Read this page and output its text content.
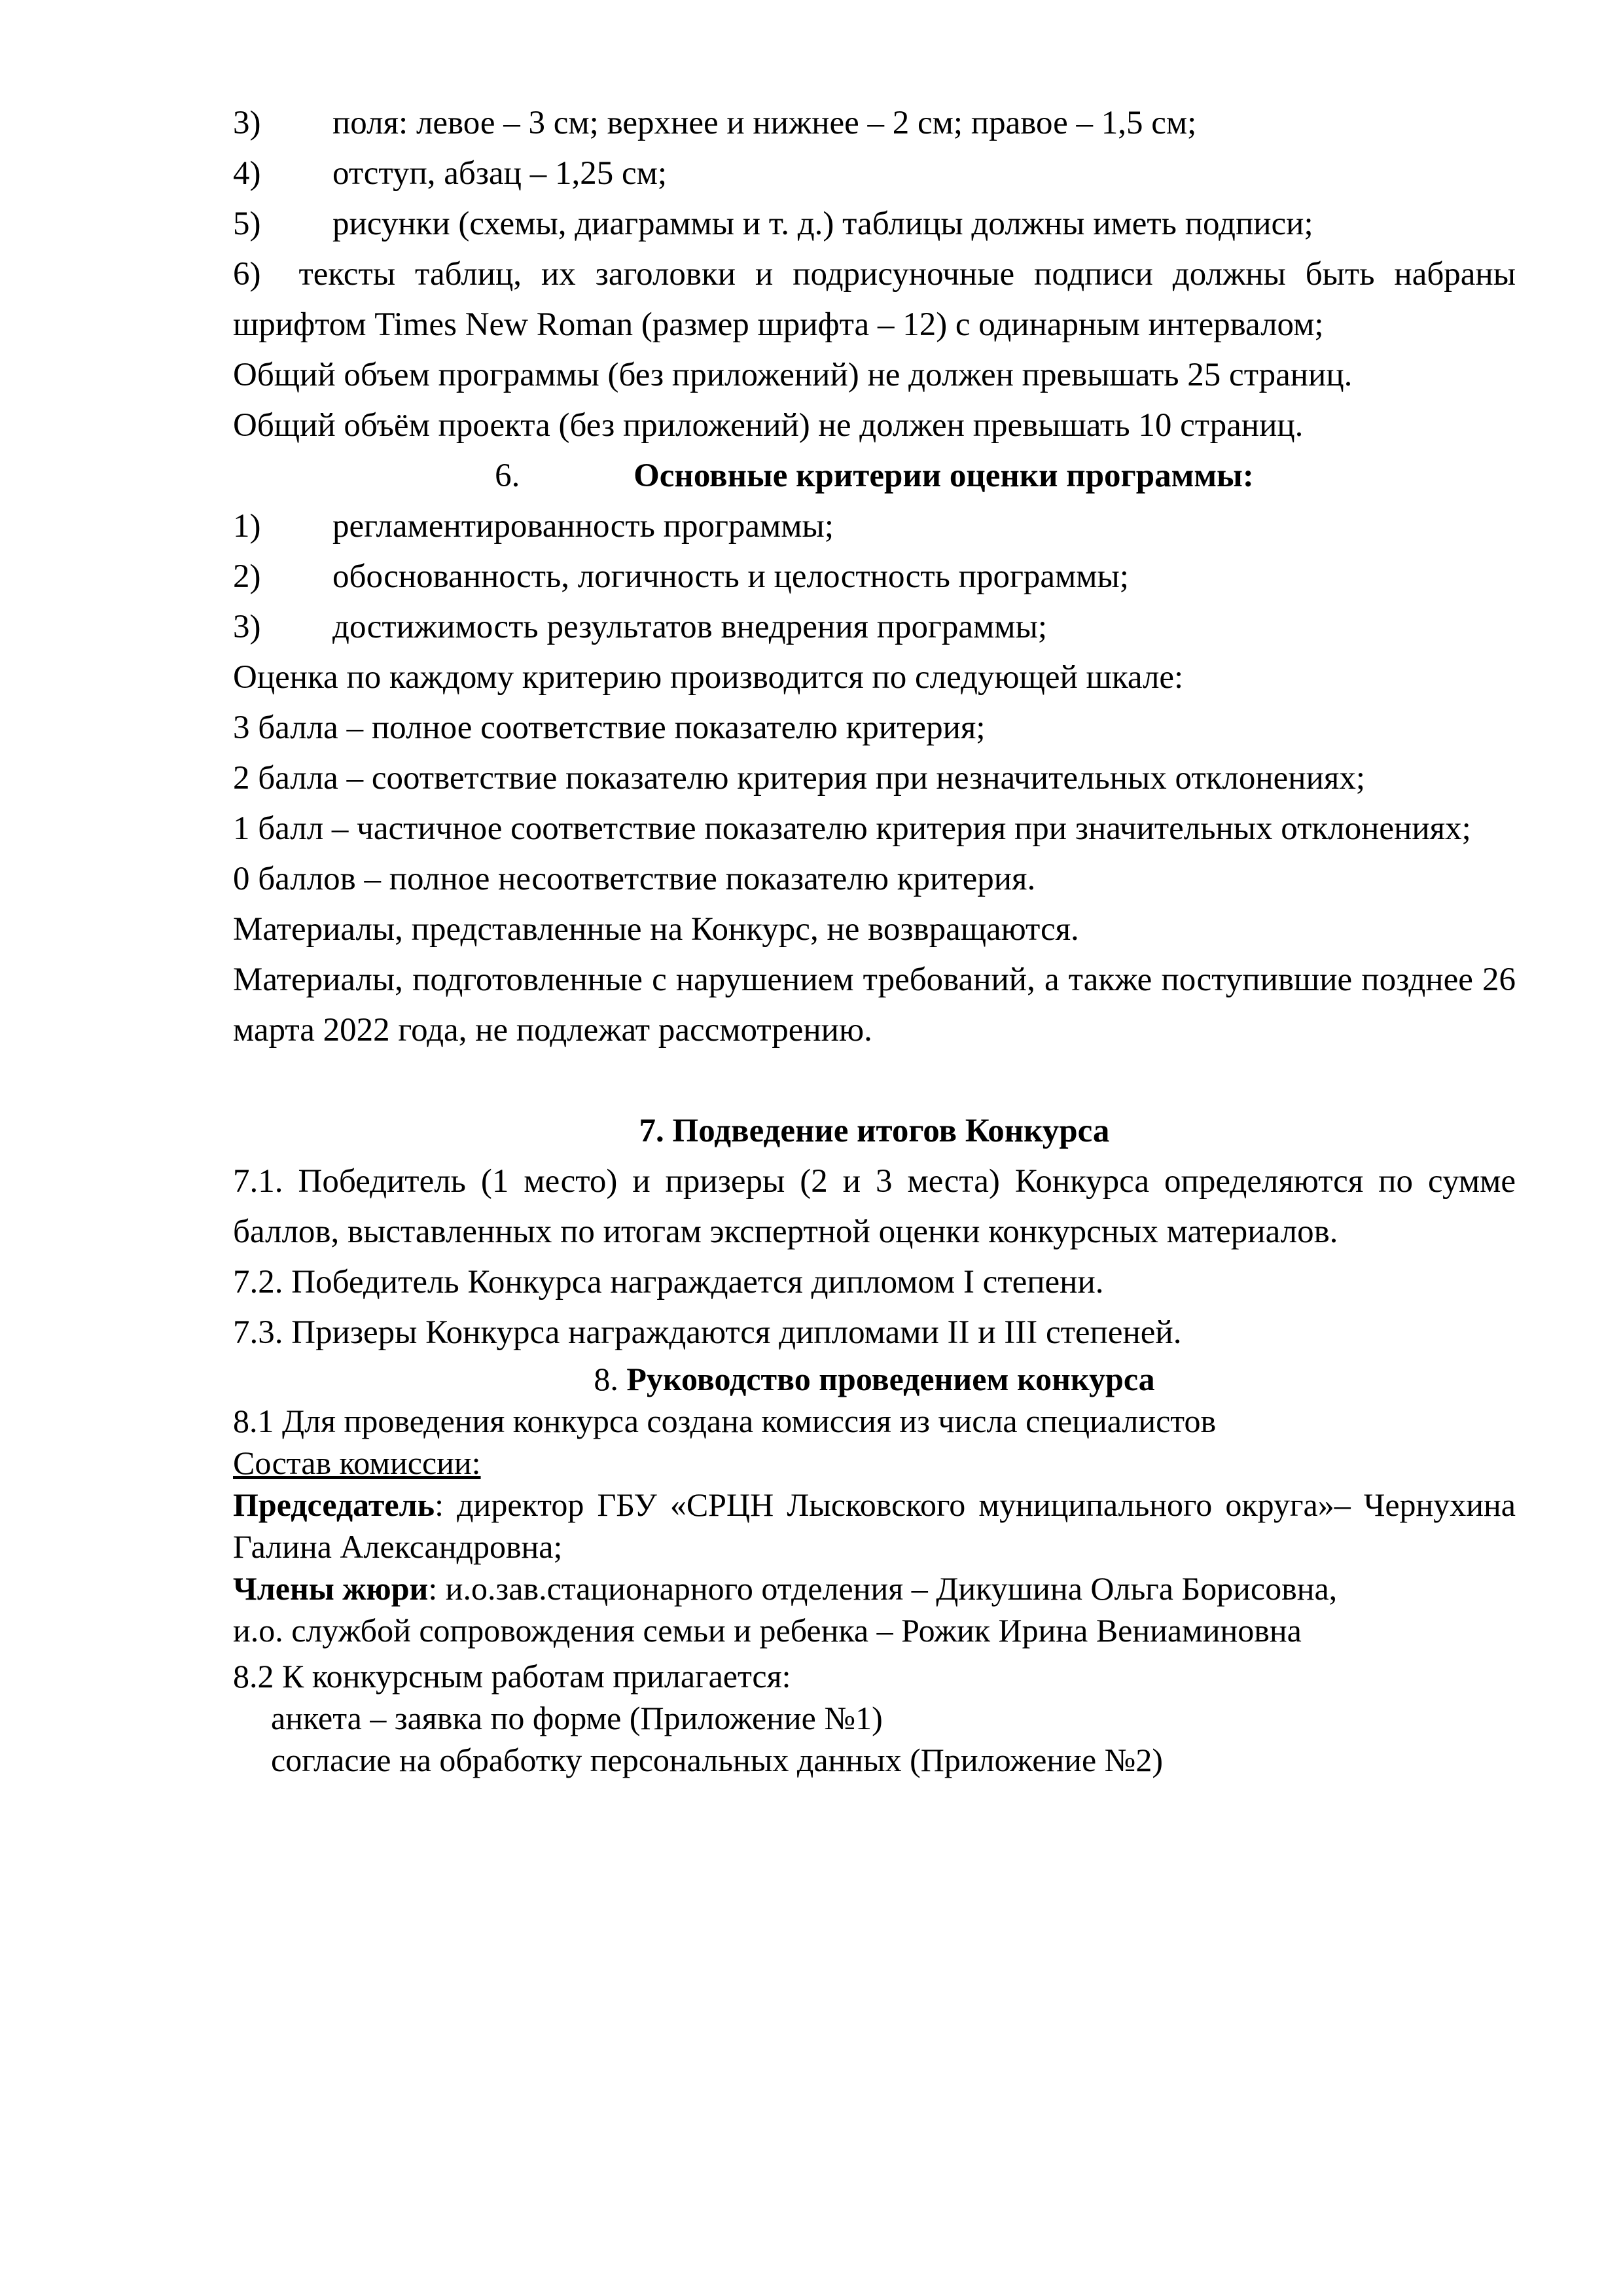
3)	поля: левое – 3 см; верхнее и нижнее – 2 см; правое – 1,5 см;
4)	отступ, абзац – 1,25 см;
5)	рисунки (схемы, диаграммы и т. д.) таблицы должны иметь подписи;

6) тексты таблиц, их заголовки и подрисуночные подписи должны быть набраны шрифтом Times New Roman (размер шрифта – 12) с одинарным интервалом;

Общий объем программы (без приложений) не должен превышать 25 страниц.

Общий объём проекта (без приложений) не должен превышать 10 страниц.

6.	Основные критерии оценки программы:
1)	регламентированность программы;
2)	обоснованность, логичность и целостность программы;
3)	достижимость результатов внедрения программы;

Оценка по каждому критерию производится по следующей шкале:

3 балла – полное соответствие показателю критерия;

2 балла – соответствие показателю критерия при незначительных отклонениях;

1 балл – частичное соответствие показателю критерия при значительных отклонениях;

0 баллов – полное несоответствие показателю критерия.

Материалы, представленные на Конкурс, не возвращаются.

Материалы, подготовленные с нарушением требований, а также поступившие позднее 26 марта 2022 года, не подлежат рассмотрению.

7. Подведение итогов Конкурса

7.1. Победитель (1 место) и призеры (2 и 3 места) Конкурса определяются по сумме баллов, выставленных по итогам экспертной оценки конкурсных материалов.

7.2. Победитель Конкурса награждается дипломом I степени.

7.3. Призеры Конкурса награждаются дипломами II и III степеней.

8. Руководство проведением конкурса

8.1 Для проведения конкурса создана комиссия из числа специалистов

Состав комиссии:

Председатель: директор ГБУ «СРЦН Лысковского муниципального округа»– Чернухина Галина Александровна;

Члены жюри: и.о.зав.стационарного отделения – Дикушина Ольга Борисовна,

и.о. службой сопровождения семьи и ребенка – Рожик Ирина Вениаминовна

8.2 К конкурсным работам прилагается:

анкета – заявка по форме (Приложение №1)

согласие на обработку персональных данных (Приложение №2)
